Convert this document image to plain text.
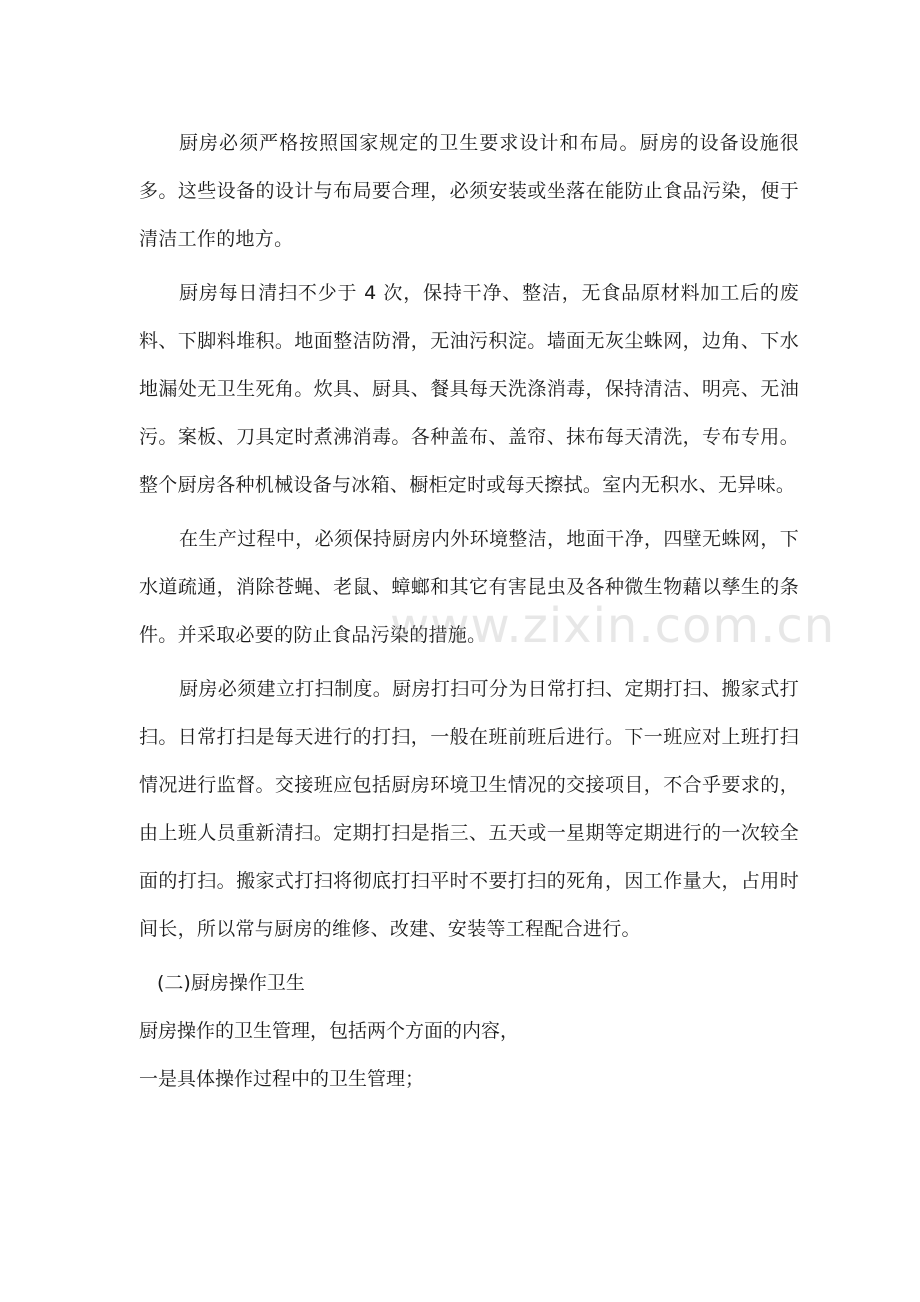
厨房必须严格按照国家规定的卫生要求设计和布局。厨房的设备设施很多。这些设备的设计与布局要合理，必须安装或坐落在能防止食品污染，便于清洁工作的地方。

厨房每日清扫不少于 4 次，保持干净、整洁，无食品原材料加工后的废料、下脚料堆积。地面整洁防滑，无油污积淀。墙面无灰尘蛛网，边角、下水地漏处无卫生死角。炊具、厨具、餐具每天洗涤消毒，保持清洁、明亮、无油污。案板、刀具定时煮沸消毒。各种盖布、盖帘、抹布每天清洗，专布专用。整个厨房各种机械设备与冰箱、橱柜定时或每天擦拭。室内无积水、无异味。

在生产过程中，必须保持厨房内外环境整洁，地面干净，四壁无蛛网，下水道疏通，消除苍蝇、老鼠、蟑螂和其它有害昆虫及各种微生物藉以孳生的条件。并采取必要的防止食品污染的措施。

厨房必须建立打扫制度。厨房打扫可分为日常打扫、定期打扫、搬家式打扫。日常打扫是每天进行的打扫，一般在班前班后进行。下一班应对上班打扫情况进行监督。交接班应包括厨房环境卫生情况的交接项目，不合乎要求的，由上班人员重新清扫。定期打扫是指三、五天或一星期等定期进行的一次较全面的打扫。搬家式打扫将彻底打扫平时不要打扫的死角，因工作量大，占用时间长，所以常与厨房的维修、改建、安装等工程配合进行。

(二)厨房操作卫生

厨房操作的卫生管理，包括两个方面的内容，

一是具体操作过程中的卫生管理；

www.zixin.com.cn
